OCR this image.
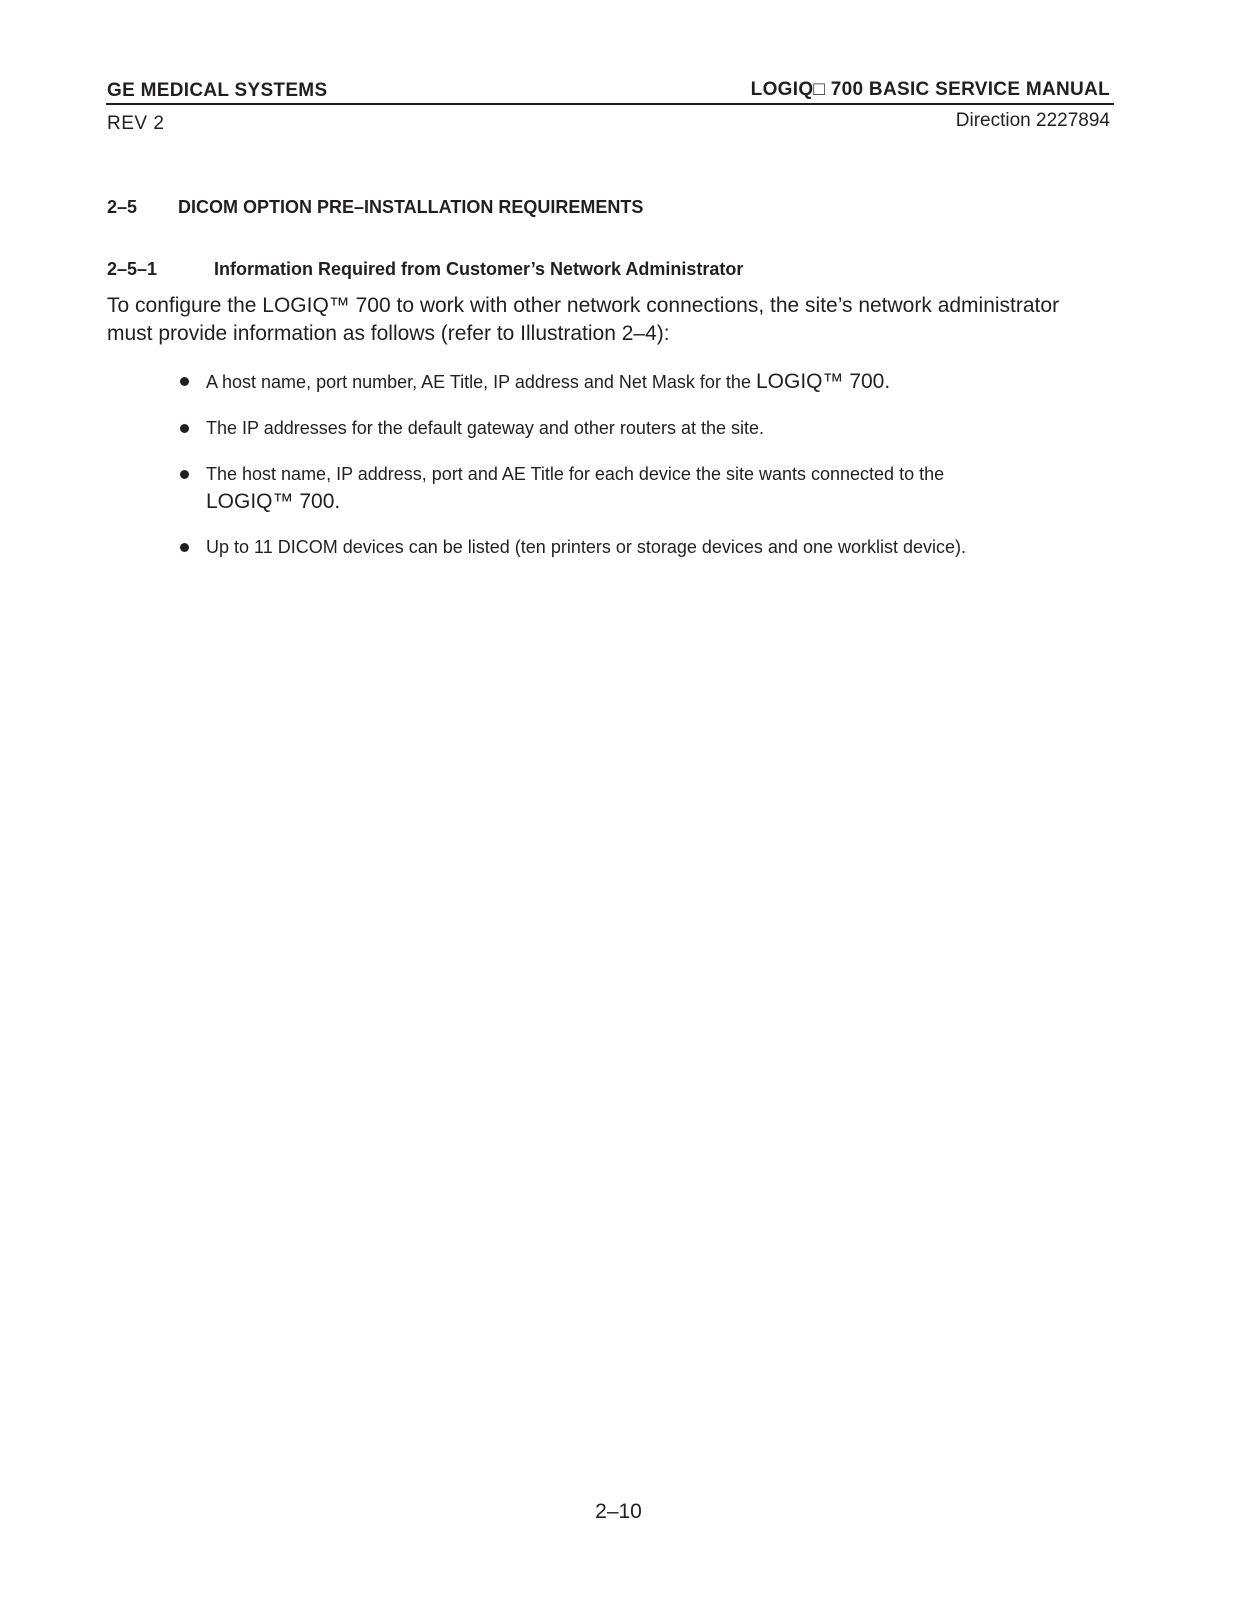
GE MEDICAL SYSTEMS	LOGIQ□ 700 BASIC SERVICE MANUAL
REV 2	Direction 2227894
2–5 DICOM OPTION PRE–INSTALLATION REQUIREMENTS
2–5–1	Information Required from Customer’s Network Administrator
To configure the LOGIQ™ 700 to work with other network connections, the site’s network administrator
must provide information as follows (refer to Illustration 2–4):
A host name, port number, AE Title, IP address and Net Mask for the LOGIQ™ 700.
The IP addresses for the default gateway and other routers at the site.
The host name, IP address, port and AE Title for each device the site wants connected to the
LOGIQ™ 700.
Up to 11 DICOM devices can be listed (ten printers or storage devices and one worklist device).
2–10
